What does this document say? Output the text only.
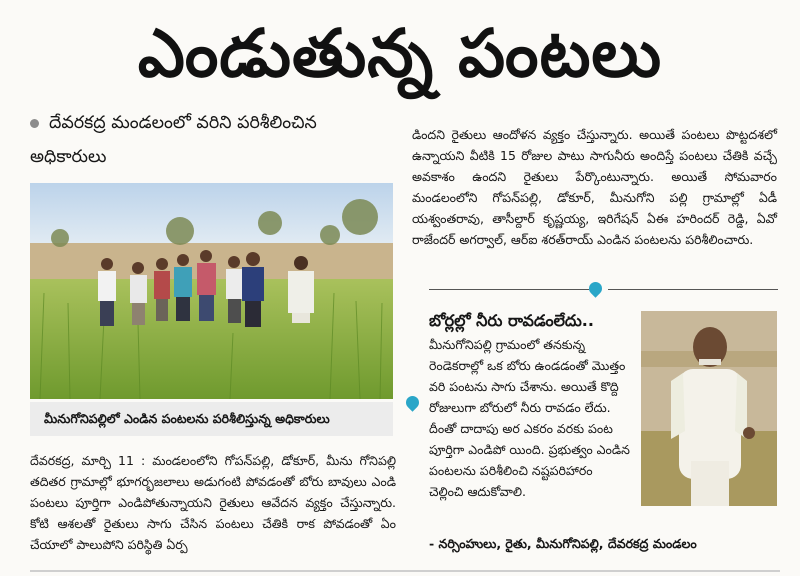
ఎండుతున్న పంటలు
దేవరకద్ర మండలంలో వరిని పరిశీలించిన అధికారులు
మీనుగోనిపల్లిలో ఎండిన పంటలను పరిశీలిస్తున్న అధికారులు
దేవరకద్ర, మార్చి 11 : మండలంలోని గోపన్‌పల్లి, డోకూర్, మీను గోనిపల్లి తదితర గ్రామాల్లో భూగర్భజలాలు అడుగంటి పోవడంతో బోరు బావులు ఎండి పంటలు పూర్తిగా ఎండిపోతున్నాయని రైతులు ఆవేదన వ్యక్తం చేస్తున్నారు. కోటి ఆశలతో రైతులు సాగు చేసిన పంటలు చేతికి రాక పోవడంతో ఏం చేయాలో పాలుపోని పరిస్థితి ఏర్ప
డిందని రైతులు ఆందోళన వ్యక్తం చేస్తున్నారు. అయితే పంటలు పొట్టదశలో ఉన్నాయని వీటికి 15 రోజుల పాటు సాగునీరు అందిస్తే పంటలు చేతికి వచ్చే అవకాశం ఉందని రైతులు పేర్కొంటున్నారు. అయితే సోమవారం మండలంలోని గోపన్‌పల్లి, డోకూర్, మీనుగోని పల్లి గ్రామాల్లో ఏడీ యశ్వంతరావు, తాసీల్దార్ కృష్ణయ్య, ఇరిగేషన్ ఏఈ హరిందర్ రెడ్డి, ఏవో రాజేందర్ అగర్వాల్, ఆర్ఐ శరత్‌రాయ్ ఎండిన పంటలను పరిశీలించారు.
బోర్లల్లో నీరు రావడంలేదు..
మీనుగోనిపల్లి గ్రామంలో తనకున్న రెండెకరాల్లో ఒక బోరు ఉండడంతో మొత్తం వరి పంటను సాగు చేశాను. అయితే కొద్ది రోజులుగా బోరులో నీరు రావడం లేదు. దీంతో దాదాపు అర ఎకరం వరకు పంట పూర్తిగా ఎండిపో యింది. ప్రభుత్వం ఎండిన పంటలను పరిశీలించి నష్టపరిహారం చెల్లించి ఆదుకోవాలి.
- నర్సింహులు, రైతు, మీనుగోనిపల్లి, దేవరకద్ర మండలం
